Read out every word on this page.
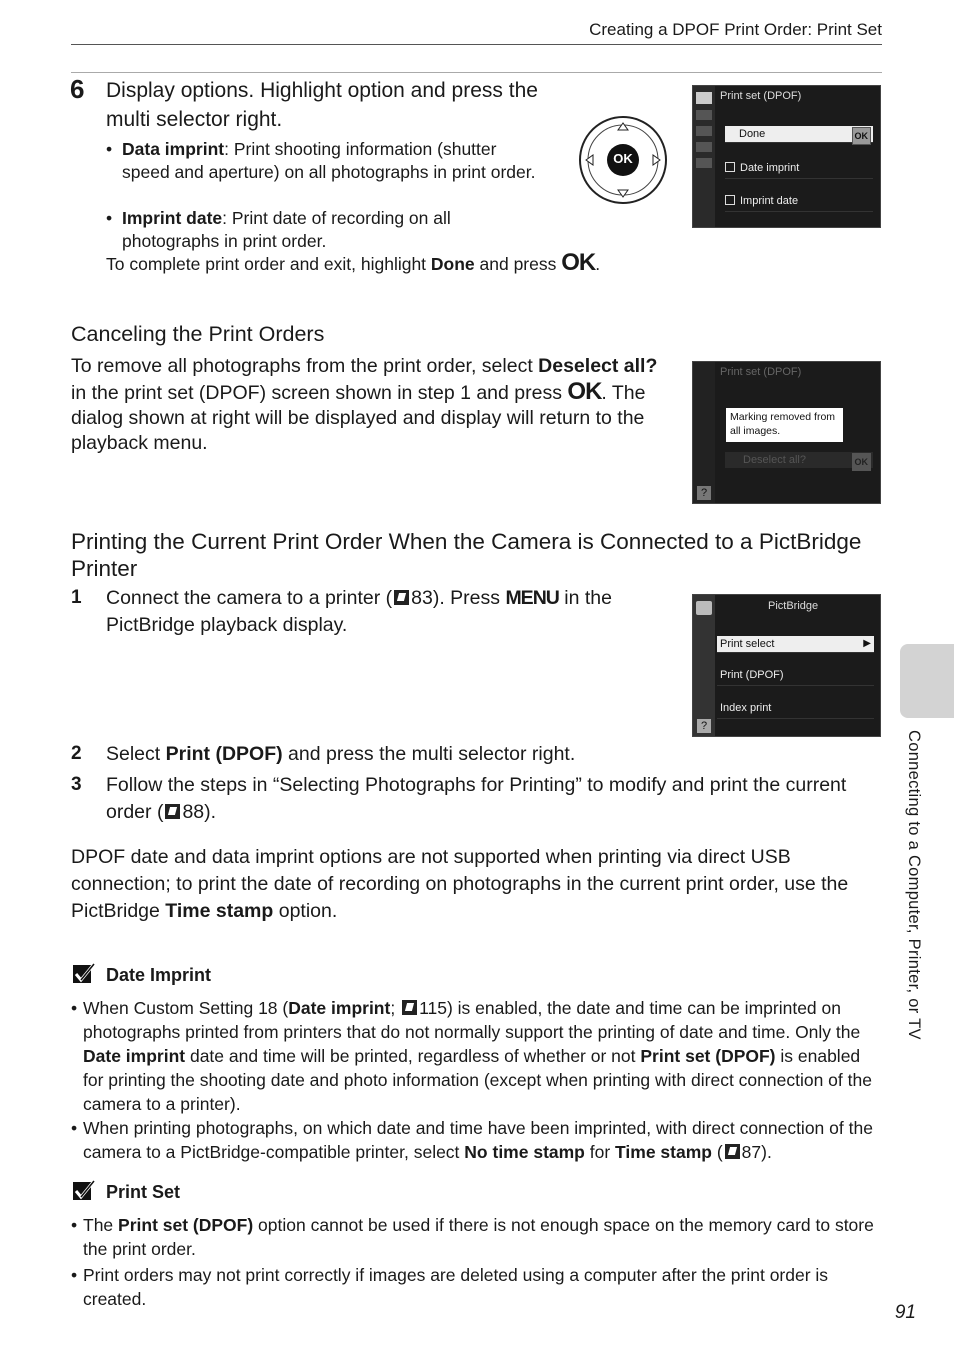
Creating a DPOF Print Order: Print Set
6 Display options. Highlight option and press the multi selector right.
• Data imprint: Print shooting information (shutter speed and aperture) on all photographs in print order.
• Imprint date: Print date of recording on all photographs in print order.
To complete print order and exit, highlight Done and press OK.
OK
Print set (DPOF)
Done	OK
Date imprint
Imprint date
Canceling the Print Orders
To remove all photographs from the print order, select Deselect all? in the print set (DPOF) screen shown in step 1 and press OK. The dialog shown at right will be displayed and display will return to the playback menu.
Print set (DPOF)
Marking removed from all images.
Deselect all?	OK
?
Printing the Current Print Order When the Camera is Connected to a PictBridge Printer
1 Connect the camera to a printer ( 83). Press MENU in the PictBridge playback display.
PictBridge
Print select	▶
Print (DPOF)
Index print
?
2 Select Print (DPOF) and press the multi selector right.
3 Follow the steps in “Selecting Photographs for Printing” to modify and print the current order ( 88).
DPOF date and data imprint options are not supported when printing via direct USB connection; to print the date of recording on photographs in the current print order, use the PictBridge Time stamp option.
Date Imprint
• When Custom Setting 18 (Date imprint; 115) is enabled, the date and time can be imprinted on photographs printed from printers that do not normally support the printing of date and time. Only the Date imprint date and time will be printed, regardless of whether or not Print set (DPOF) is enabled for printing the shooting date and photo information (except when printing with direct connection of the camera to a printer).
• When printing photographs, on which date and time have been imprinted, with direct connection of the camera to a PictBridge-compatible printer, select No time stamp for Time stamp ( 87).
Print Set
• The Print set (DPOF) option cannot be used if there is not enough space on the memory card to store the print order.
• Print orders may not print correctly if images are deleted using a computer after the print order is created.
Connecting to a Computer, Printer, or TV
91
